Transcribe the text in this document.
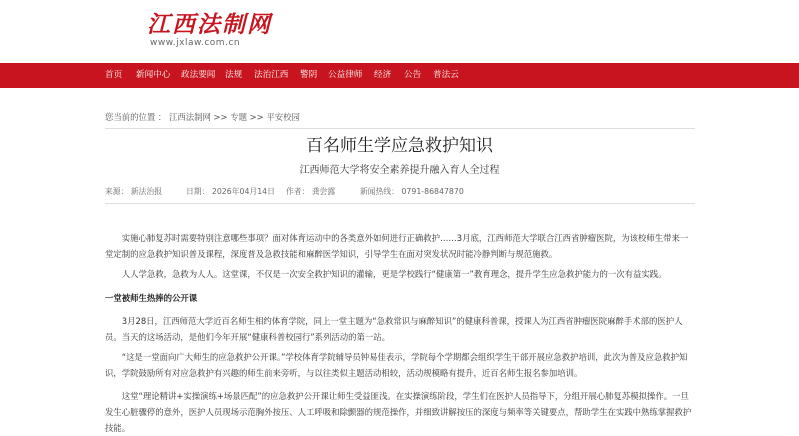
江西法制网
www.jxlaw.com.cn
首页 新闻中心 政法要闻 法规 法治江西 警阴 公益律师 经济 公告 普法云
您当前的位置 ： 江西法制网 >> 专题 >> 平安校园
百名师生学应急救护知识
江西师范大学将安全素养提升融入育人全过程
来源： 新法治报	日期： 2026年04月14日 作者： 龚尝露	新闻热线： 0791-86847870

实施心肺复苏时需要特别注意哪些事项？面对体育运动中的各类意外如何进行正确救护……3月底，江西师范大学联合江西省肿瘤医院，为该校师生带来一堂定制的应急救护知识普及课程，深度普及急救技能和麻醉医学知识，引导学生在面对突发状况时能冷静判断与规范施救。

人人学急救，急救为人人。这堂课，不仅是一次安全救护知识的灌输，更是学校践行“健康第一”教育理念，提升学生应急救护能力的一次有益实践。

一堂被师生热捧的公开课

3月28日，江西师范大学近百名师生相约体育学院，同上一堂主题为“急救常识与麻醉知识”的健康科普课，授课人为江西省肿瘤医院麻醉手术部的医护人员。当天的这场活动，是他们今年开展“健康科普校园行”系列活动的第一站。

“这是一堂面向广大师生的应急救护公开课。”学校体育学院辅导员钟易佳表示，学院每个学期都会组织学生干部开展应急救护培训，此次为普及应急救护知识，学院鼓励所有对应急救护有兴趣的师生前来旁听，与以往类似主题活动相较，活动规模略有提升，近百名师生报名参加培训。

这堂“理论精讲+实操演练+场景匹配”的应急救护公开课让师生受益匪浅。在实操演练阶段，学生们在医护人员指导下，分组开展心肺复苏模拟操作。一旦发生心脏骤停的意外，医护人员现场示范胸外按压、人工呼吸和除颤器的规范操作，并细致讲解按压的深度与频率等关键要点，帮助学生在实践中熟练掌握救护技能。
